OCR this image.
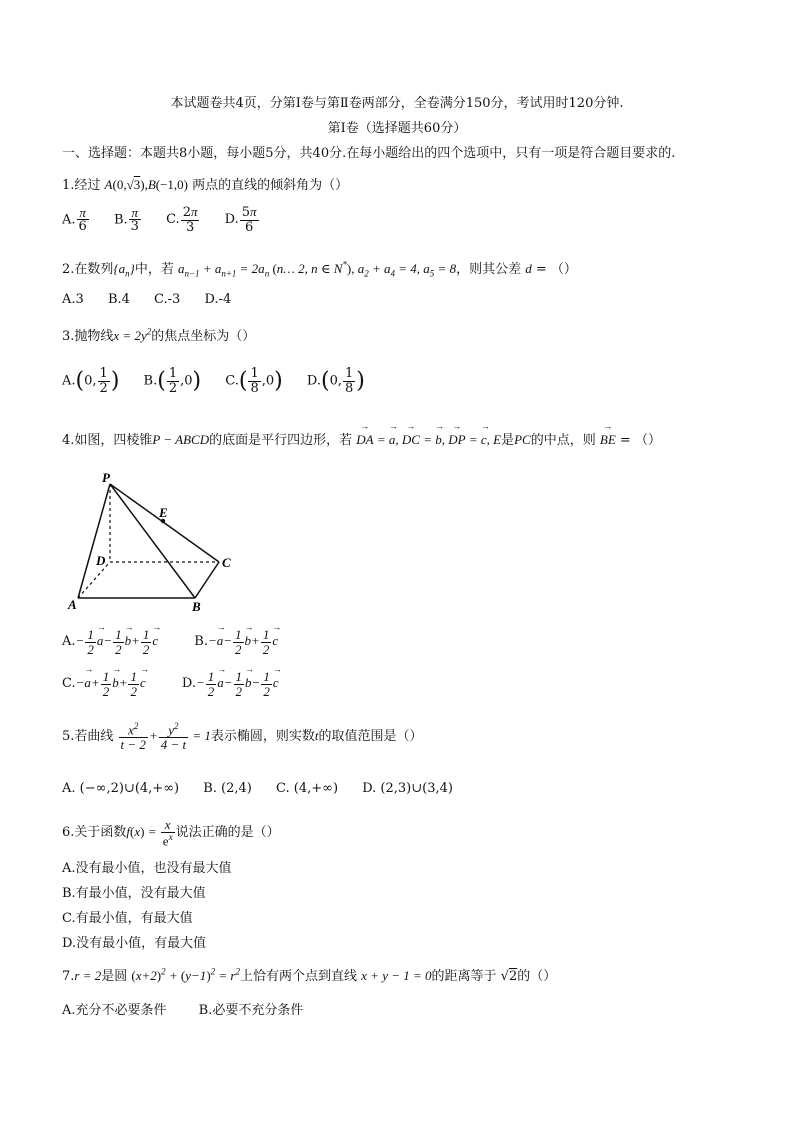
本试题卷共4页，分第Ⅰ卷与第Ⅱ卷两部分，全卷满分150分，考试用时120分钟.
第Ⅰ卷（选择题共60分）
一、选择题：本题共8小题，每小题5分，共40分.在每小题给出的四个选项中，只有一项是符合题目要求的.
1.经过 A(0,√3),B(−1,0) 两点的直线的倾斜角为（）
A. $\frac{\pi}{6} B$. $\frac{\pi}{3} C$. $\frac{2\pi}{3} D$. $\frac{5\pi}{6}$
2.在数列$\{a_n\}$中，若 $a_{n-1} + a_{n+1} = 2a_n$ (n… 2, n ∈ N*), $a_2 + a_4 = 4$, $a_5 = 8$，则其公差 d = （）
A.3 B.4 C.-3 D.-4
3.抛物线$x = 2y^2$的焦点坐标为（）
A.(0, $\frac{1}{2}$ ) $B.( \frac{1}{2} ,0)$ $C.( \frac{1}{8} ,0)$ D.(0, $\frac{1}{8}$ )
4.如图，四棱锥P − ABCD的底面是平行四边形，若 → DA = → a, → DC = → b, → DP = → c, E是PC的中点，则 → BE = （）
P
E
D	C
A	B
$A.- \frac{1}{2} \to a- \frac{1}{2} \to b+ \frac{1}{2} \to c$	$B.-\to a- \frac{1}{2} \to b+ \frac{1}{2} \to c$
$C.-\to a+ \frac{1}{2} \to b+ \frac{1}{2} \to c$	$D.- \frac{1}{2} \to a- \frac{1}{2} \to b- \frac{1}{2} \to c$
5.若曲线 $\frac{x^2}{t - 2} + \frac{y^2}{4 - t} = 1$表示椭圆，则实数t的取值范围是（）
A. (−∞,2)∪(4,+∞) B. (2,4) C. (4,+∞) D. (2,3)∪(3,4)
6.关于函数$f(x) = \frac{x}{e^x}$ 说法正确的是（）
A.没有最小值，也没有最大值
B.有最小值，没有最大值
C.有最小值，有最大值
D.没有最小值，有最大值
7.r = 2是圆 $(x+2)^2 + (y-1)^2 = r^2$上恰有两个点到直线 x + y − 1 = 0的距离等于 √2的（）
A.充分不必要条件 B.必要不充分条件
